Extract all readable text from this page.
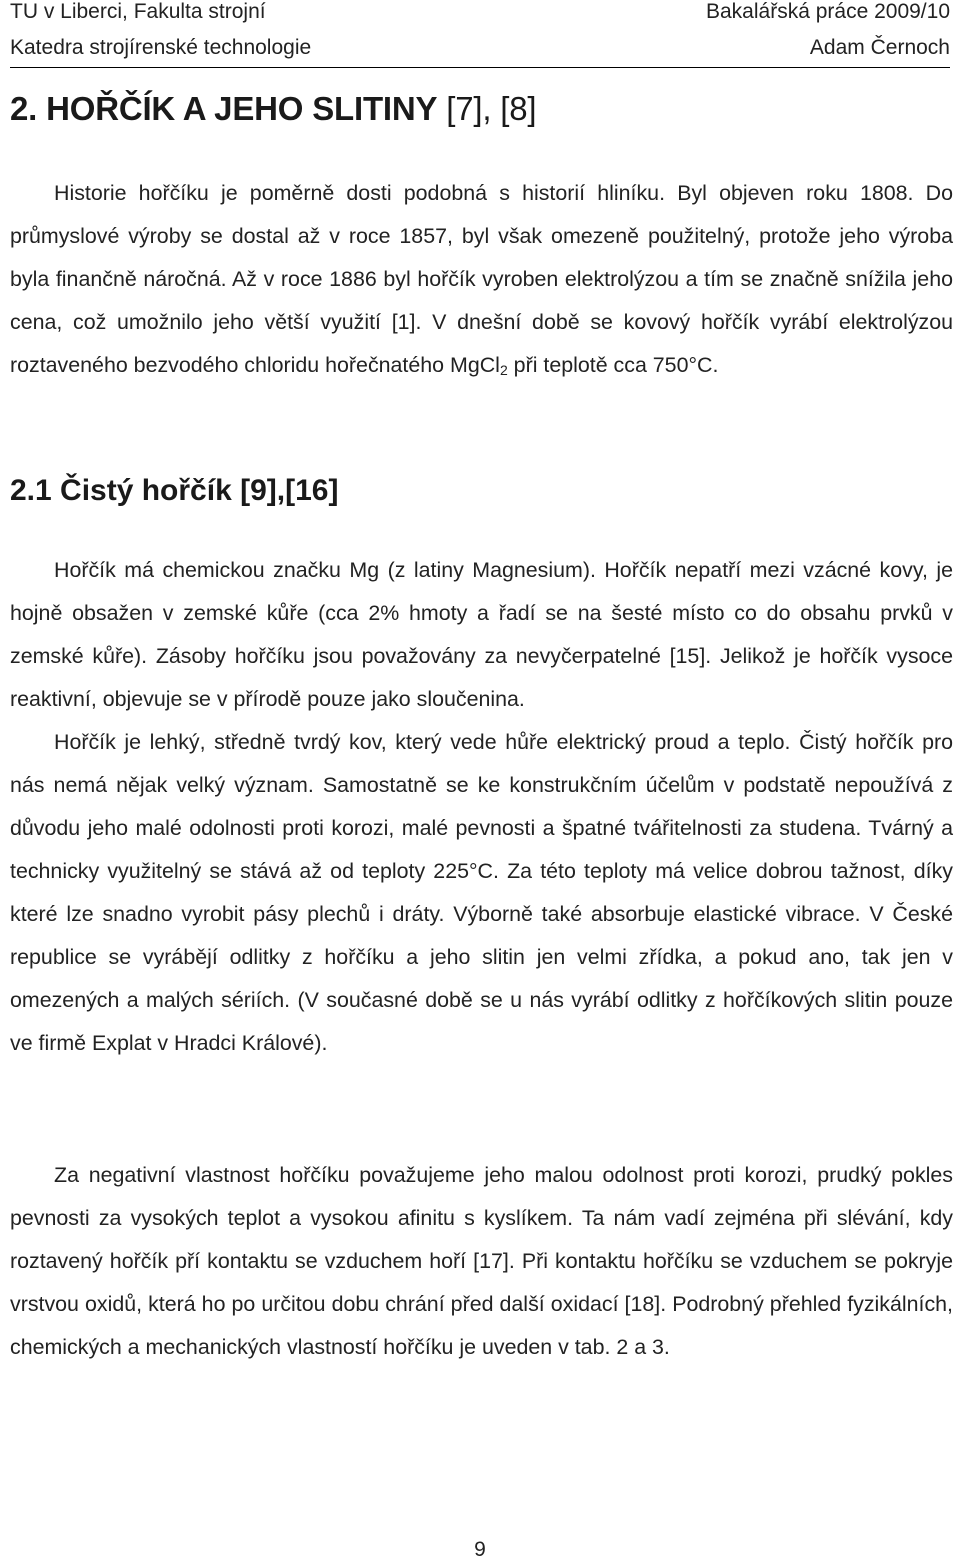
TU v Liberci, Fakulta strojní	Bakalářská práce 2009/10
Katedra strojírenské technologie	Adam Černoch
2. HOŘČÍK A JEHO SLITINY [7], [8]

Historie hořčíku je poměrně dosti podobná s historií hliníku. Byl objeven roku 1808. Do průmyslové výroby se dostal až v roce 1857, byl však omezeně použitelný, protože jeho výroba byla finančně náročná. Až v roce 1886 byl hořčík vyroben elektrolýzou a tím se značně snížila jeho cena, což umožnilo jeho větší využití [1]. V dnešní době se kovový hořčík vyrábí elektrolýzou roztaveného bezvodého chloridu hořečnatého MgCl$_2$ při teplotě cca 750°C.

2.1 Čistý hořčík [9],[16]

Hořčík má chemickou značku Mg (z latiny Magnesium). Hořčík nepatří mezi vzácné kovy, je hojně obsažen v zemské kůře (cca 2% hmoty a řadí se na šesté místo co do obsahu prvků v zemské kůře). Zásoby hořčíku jsou považovány za nevyčerpatelné [15]. Jelikož je hořčík vysoce reaktivní, objevuje se v přírodě pouze jako sloučenina.

Hořčík je lehký, středně tvrdý kov, který vede hůře elektrický proud a teplo. Čistý hořčík pro nás nemá nějak velký význam. Samostatně se ke konstrukčním účelům v podstatě nepoužívá z důvodu jeho malé odolnosti proti korozi, malé pevnosti a špatné tvářitelnosti za studena. Tvárný a technicky využitelný se stává až od teploty 225°C. Za této teploty má velice dobrou tažnost, díky které lze snadno vyrobit pásy plechů i dráty. Výborně také absorbuje elastické vibrace. V České republice se vyrábějí odlitky z hořčíku a jeho slitin jen velmi zřídka, a pokud ano, tak jen v omezených a malých sériích. (V současné době se u nás vyrábí odlitky z hořčíkových slitin pouze ve firmě Explat v Hradci Králové).

Za negativní vlastnost hořčíku považujeme jeho malou odolnost proti korozi, prudký pokles pevnosti za vysokých teplot a vysokou afinitu s kyslíkem. Ta nám vadí zejména při slévání, kdy roztavený hořčík pří kontaktu se vzduchem hoří [17]. Při kontaktu hořčíku se vzduchem se pokryje vrstvou oxidů, která ho po určitou dobu chrání před další oxidací [18]. Podrobný přehled fyzikálních, chemických a mechanických vlastností hořčíku je uveden v tab. 2 a 3.

9
